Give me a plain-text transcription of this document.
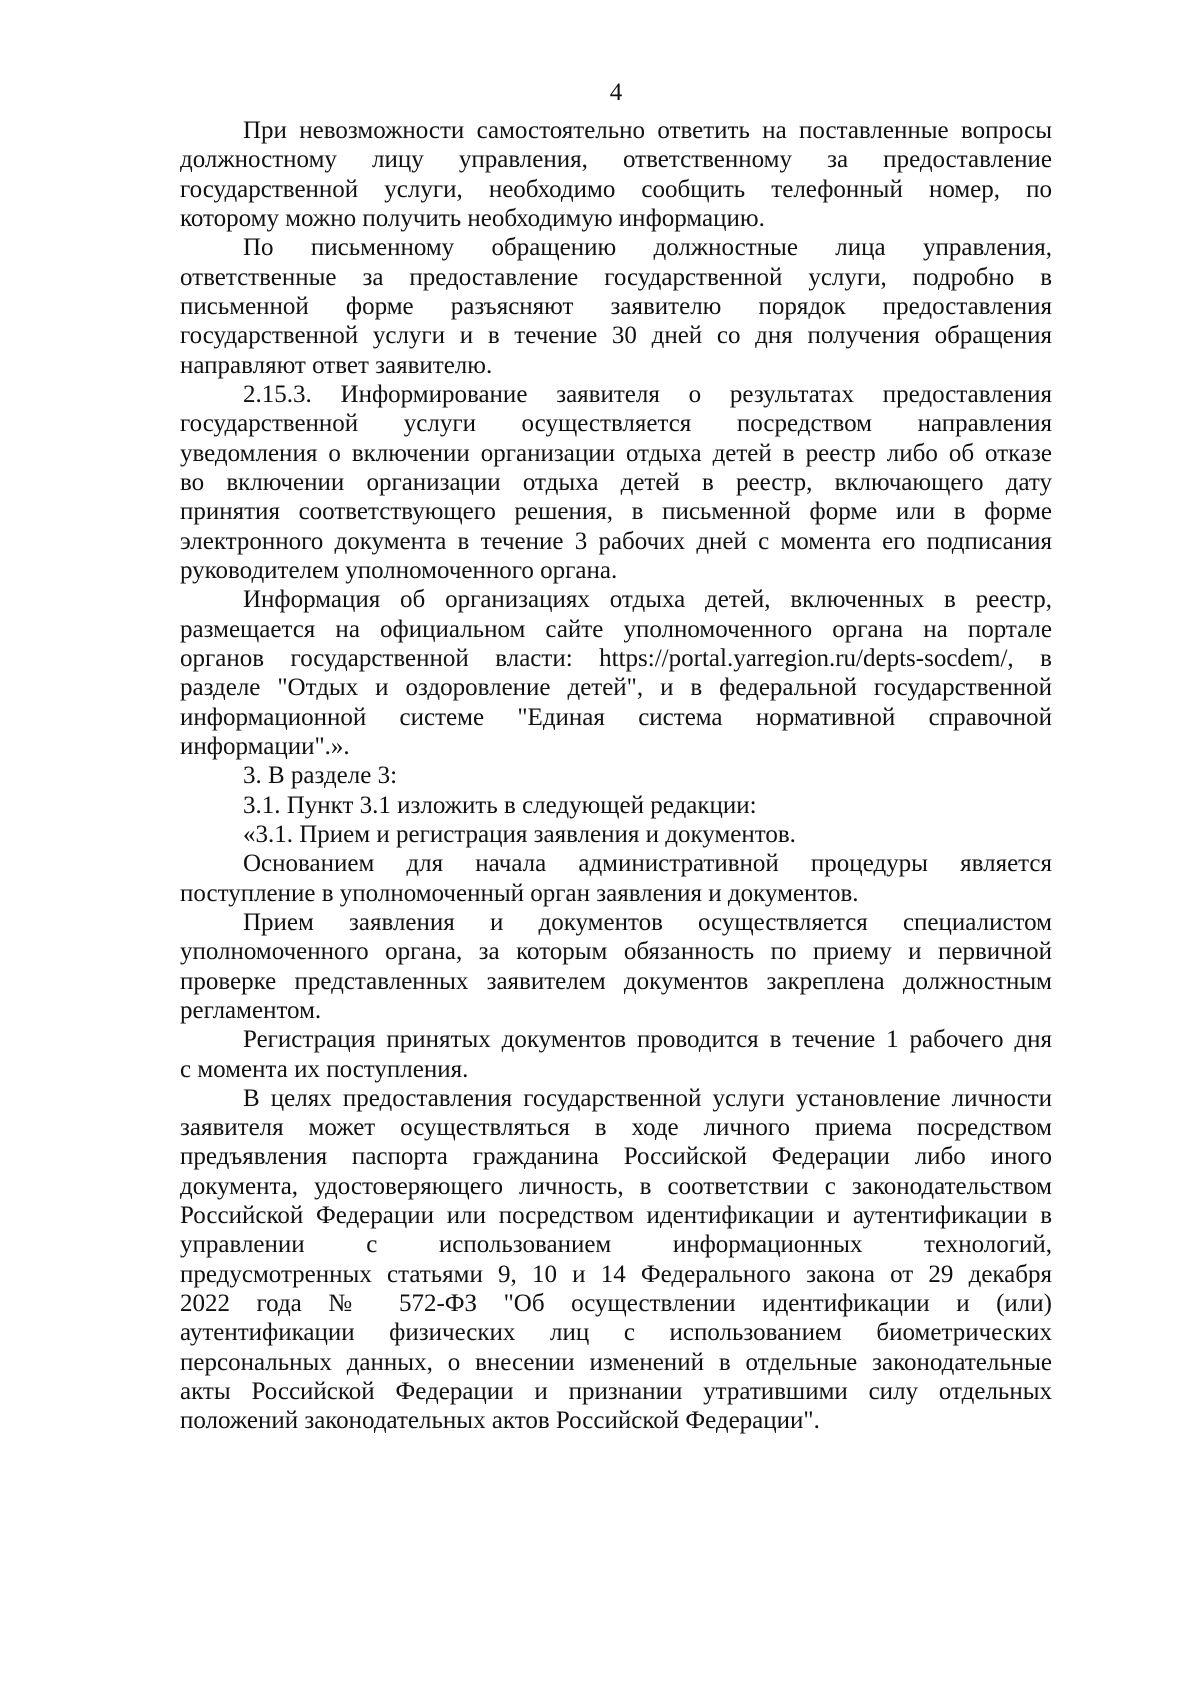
4
При невозможности самостоятельно ответить на поставленные вопросы
должностному лицу управления, ответственному за предоставление
государственной услуги, необходимо сообщить телефонный номер, по
которому можно получить необходимую информацию.
По письменному обращению должностные лица управления,
ответственные за предоставление государственной услуги, подробно в
письменной форме разъясняют заявителю порядок предоставления
государственной услуги и в течение 30 дней со дня получения обращения
направляют ответ заявителю.
2.15.3. Информирование заявителя о результатах предоставления
государственной услуги осуществляется посредством направления
уведомления о включении организации отдыха детей в реестр либо об отказе
во включении организации отдыха детей в реестр, включающего дату
принятия соответствующего решения, в письменной форме или в форме
электронного документа в течение 3 рабочих дней с момента его подписания
руководителем уполномоченного органа.
Информация об организациях отдыха детей, включенных в реестр,
размещается на официальном сайте уполномоченного органа на портале
органов государственной власти: https://portal.yarregion.ru/depts-socdem/, в
разделе "Отдых и оздоровление детей", и в федеральной государственной
информационной системе "Единая система нормативной справочной
информации".».
3. В разделе 3:
3.1. Пункт 3.1 изложить в следующей редакции:
«3.1. Прием и регистрация заявления и документов.
Основанием для начала административной процедуры является
поступление в уполномоченный орган заявления и документов.
Прием заявления и документов осуществляется специалистом
уполномоченного органа, за которым обязанность по приему и первичной
проверке представленных заявителем документов закреплена должностным
регламентом.
Регистрация принятых документов проводится в течение 1 рабочего дня
с момента их поступления.
В целях предоставления государственной услуги установление личности
заявителя может осуществляться в ходе личного приема посредством
предъявления паспорта гражданина Российской Федерации либо иного
документа, удостоверяющего личность, в соответствии с законодательством
Российской Федерации или посредством идентификации и аутентификации в
управлении с использованием информационных технологий,
предусмотренных статьями 9, 10 и 14 Федерального закона от 29 декабря
2022 года № 572-ФЗ "Об осуществлении идентификации и (или)
аутентификации физических лиц с использованием биометрических
персональных данных, о внесении изменений в отдельные законодательные
акты Российской Федерации и признании утратившими силу отдельных
положений законодательных актов Российской Федерации".
